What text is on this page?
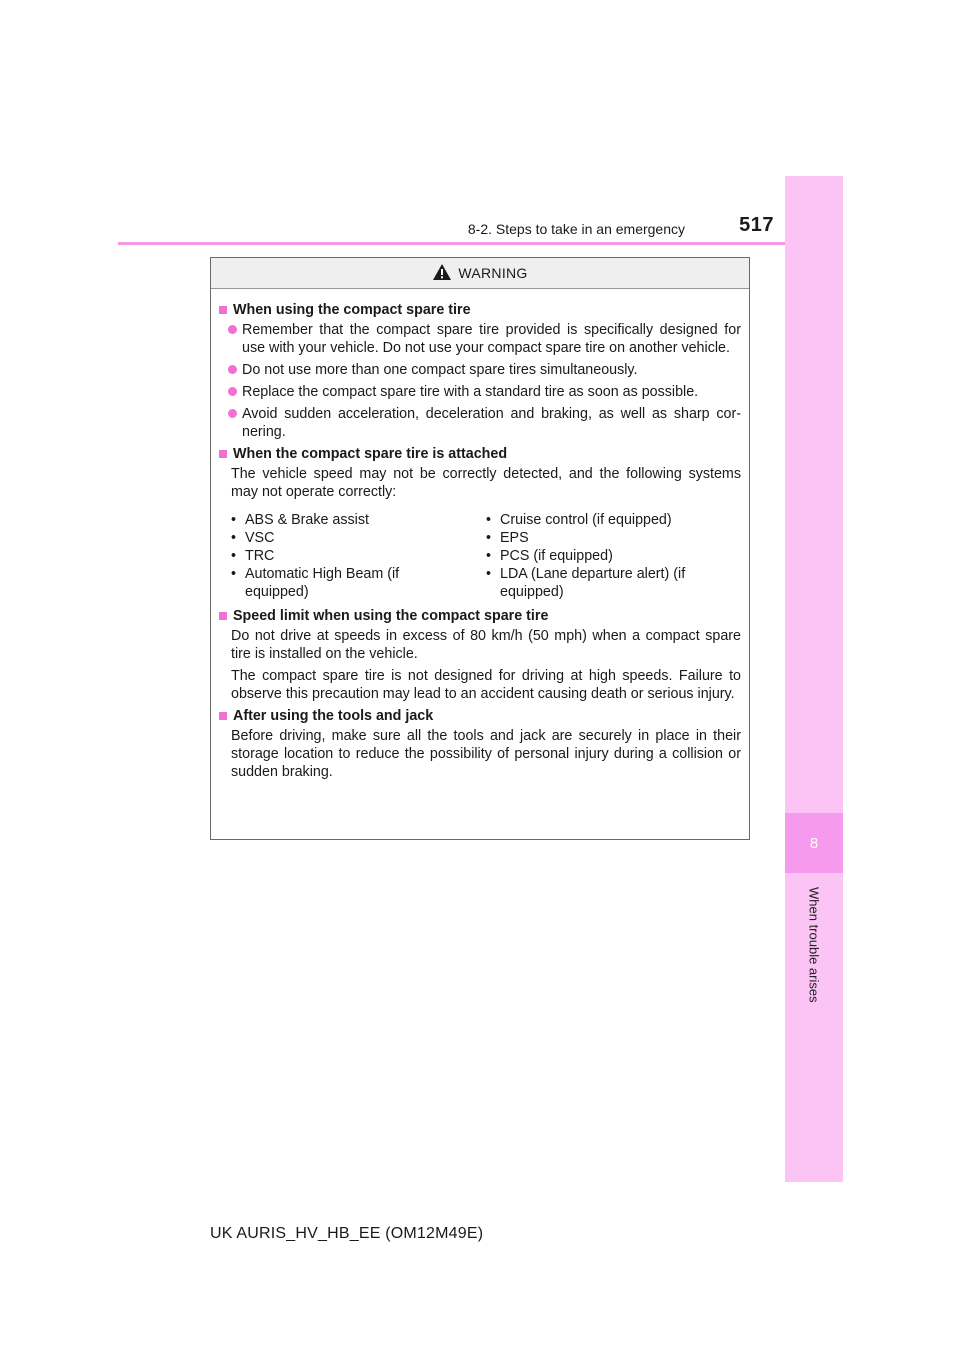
8
When trouble arises
8-2. Steps to take in an emergency	517
WARNING
When using the compact spare tire
Remember that the compact spare tire provided is specifically designed for use with your vehicle. Do not use your compact spare tire on another vehicle.
Do not use more than one compact spare tires simultaneously.
Replace the compact spare tire with a standard tire as soon as possible.
Avoid sudden acceleration, deceleration and braking, as well as sharp cor-nering.
When the compact spare tire is attached
The vehicle speed may not be correctly detected, and the following systems may not operate correctly:
• ABS & Brake assist
• VSC
• TRC
• Automatic High Beam (if equipped)
• Cruise control (if equipped)
• EPS
• PCS (if equipped)
• LDA (Lane departure alert) (if equipped)
Speed limit when using the compact spare tire
Do not drive at speeds in excess of 80 km/h (50 mph) when a compact spare tire is installed on the vehicle.
The compact spare tire is not designed for driving at high speeds. Failure to observe this precaution may lead to an accident causing death or serious injury.
After using the tools and jack
Before driving, make sure all the tools and jack are securely in place in their storage location to reduce the possibility of personal injury during a collision or sudden braking.
UK AURIS_HV_HB_EE (OM12M49E)
